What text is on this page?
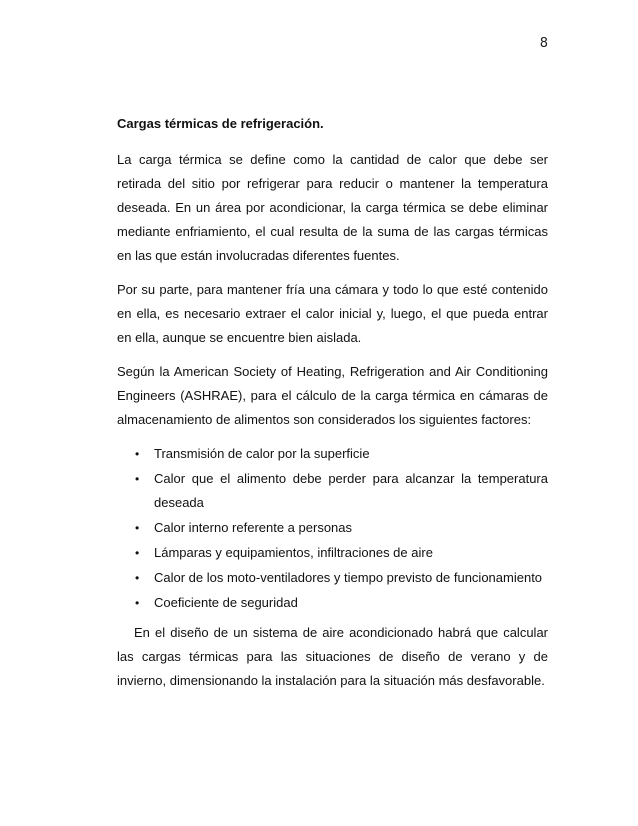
8
Cargas térmicas de refrigeración.

La carga térmica se define como la cantidad de calor que debe ser retirada del sitio por refrigerar para reducir o mantener la temperatura deseada. En un área por acondicionar, la carga térmica se debe eliminar mediante enfriamiento, el cual resulta de la suma de las cargas térmicas en las que están involucradas diferentes fuentes.

Por su parte, para mantener fría una cámara y todo lo que esté contenido en ella, es necesario extraer el calor inicial y, luego, el que pueda entrar en ella, aunque se encuentre bien aislada.

Según la American Society of Heating, Refrigeration and Air Conditioning Engineers (ASHRAE), para el cálculo de la carga térmica en cámaras de almacenamiento de alimentos son considerados los siguientes factores:

• Transmisión de calor por la superficie
• Calor que el alimento debe perder para alcanzar la temperatura deseada
• Calor interno referente a personas
• Lámparas y equipamientos, infiltraciones de aire
• Calor de los moto-ventiladores y tiempo previsto de funcionamiento
• Coeficiente de seguridad

En el diseño de un sistema de aire acondicionado habrá que calcular las cargas térmicas para las situaciones de diseño de verano y de invierno, dimensionando la instalación para la situación más desfavorable.
